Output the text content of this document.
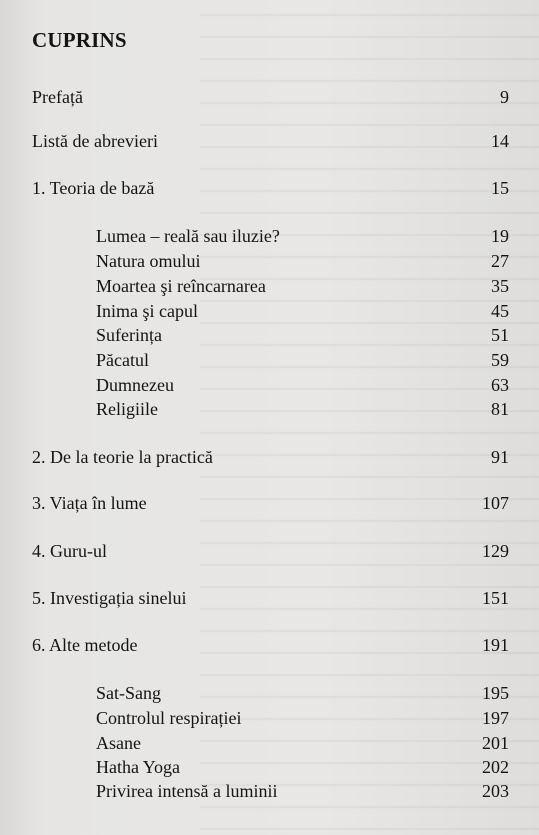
CUPRINS
Prefață	9
Listă de abrevieri	14
1. Teoria de bază	15
Lumea – reală sau iluzie?	19
Natura omului	27
Moartea şi reîncarnarea	35
Inima şi capul	45
Suferința	51
Păcatul	59
Dumnezeu	63
Religiile	81
2. De la teorie la practică	91
3. Viața în lume	107
4. Guru-ul	129
5. Investigația sinelui	151
6. Alte metode	191
Sat-Sang	195
Controlul respirației	197
Asane	201
Hatha Yoga	202
Privirea intensă a luminii	203
